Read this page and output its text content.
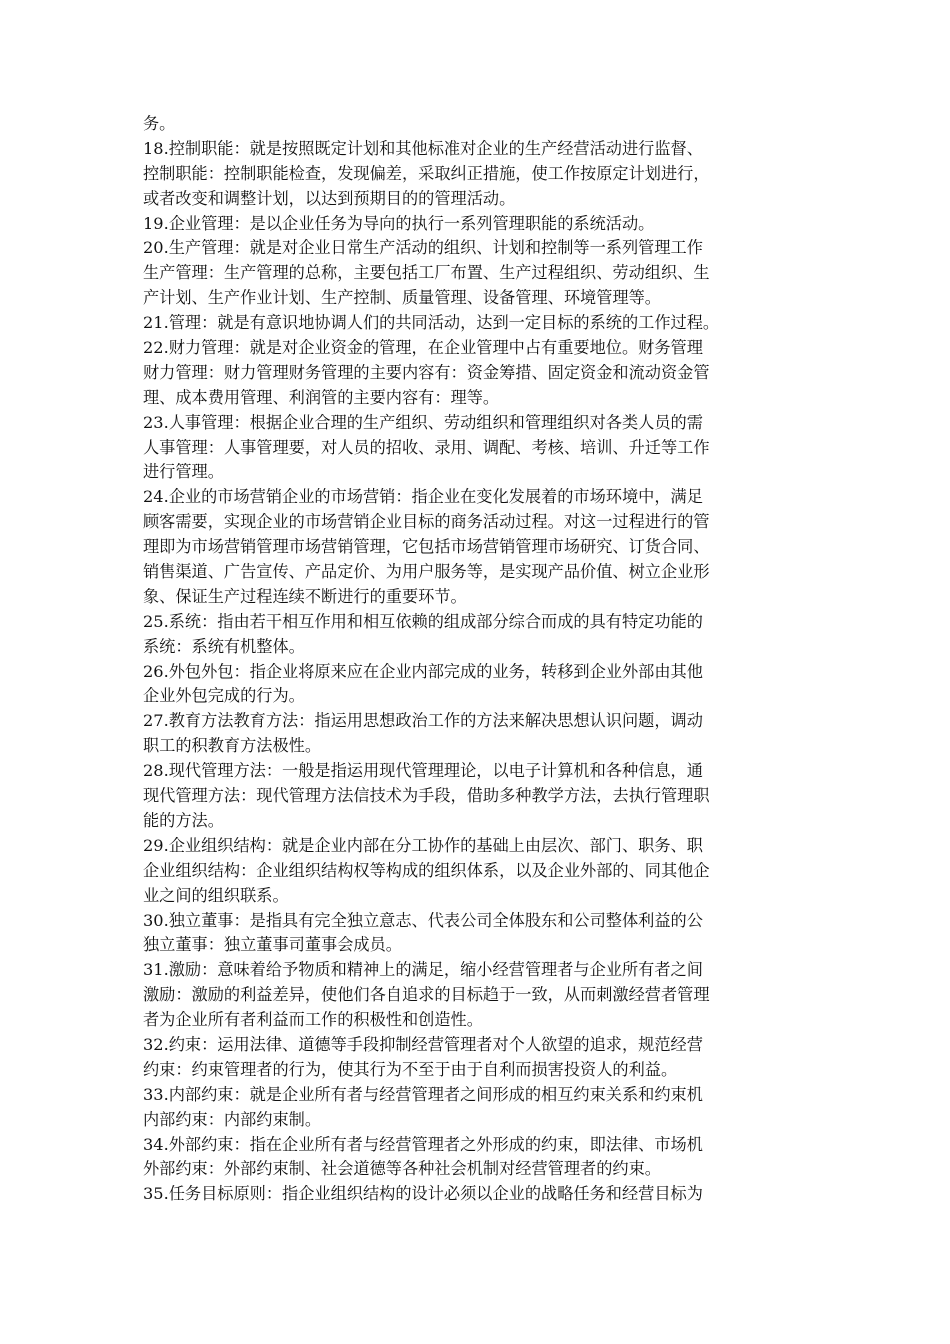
务。
18.控制职能：就是按照既定计划和其他标准对企业的生产经营活动进行监督、
控制职能：控制职能检查，发现偏差，采取纠正措施，使工作按原定计划进行，
或者改变和调整计划，以达到预期目的的管理活动。
19.企业管理：是以企业任务为导向的执行一系列管理职能的系统活动。
20.生产管理：就是对企业日常生产活动的组织、计划和控制等一系列管理工作
生产管理：生产管理的总称，主要包括工厂布置、生产过程组织、劳动组织、生
产计划、生产作业计划、生产控制、质量管理、设备管理、环境管理等。
21.管理：就是有意识地协调人们的共同活动，达到一定目标的系统的工作过程。
22.财力管理：就是对企业资金的管理，在企业管理中占有重要地位。财务管理
财力管理：财力管理财务管理的主要内容有：资金筹措、固定资金和流动资金管
理、成本费用管理、利润管的主要内容有：理等。
23.人事管理：根据企业合理的生产组织、劳动组织和管理组织对各类人员的需
人事管理：人事管理要，对人员的招收、录用、调配、考核、培训、升迁等工作
进行管理。
24.企业的市场营销企业的市场营销：指企业在变化发展着的市场环境中，满足
顾客需要，实现企业的市场营销企业目标的商务活动过程。对这一过程进行的管
理即为市场营销管理市场营销管理，它包括市场营销管理市场研究、订货合同、
销售渠道、广告宣传、产品定价、为用户服务等，是实现产品价值、树立企业形
象、保证生产过程连续不断进行的重要环节。
25.系统：指由若干相互作用和相互依赖的组成部分综合而成的具有特定功能的
系统：系统有机整体。
26.外包外包：指企业将原来应在企业内部完成的业务，转移到企业外部由其他
企业外包完成的行为。
27.教育方法教育方法：指运用思想政治工作的方法来解决思想认识问题，调动
职工的积教育方法极性。
28.现代管理方法：一般是指运用现代管理理论，以电子计算机和各种信息，通
现代管理方法：现代管理方法信技术为手段，借助多种教学方法，去执行管理职
能的方法。
29.企业组织结构：就是企业内部在分工协作的基础上由层次、部门、职务、职
企业组织结构：企业组织结构权等构成的组织体系，以及企业外部的、同其他企
业之间的组织联系。
30.独立董事：是指具有完全独立意志、代表公司全体股东和公司整体利益的公
独立董事：独立董事司董事会成员。
31.激励：意味着给予物质和精神上的满足，缩小经营管理者与企业所有者之间
激励：激励的利益差异，使他们各自追求的目标趋于一致，从而刺激经营者管理
者为企业所有者利益而工作的积极性和创造性。
32.约束：运用法律、道德等手段抑制经营管理者对个人欲望的追求，规范经营
约束：约束管理者的行为，使其行为不至于由于自利而损害投资人的利益。
33.内部约束：就是企业所有者与经营管理者之间形成的相互约束关系和约束机
内部约束：内部约束制。
34.外部约束：指在企业所有者与经营管理者之外形成的约束，即法律、市场机
外部约束：外部约束制、社会道德等各种社会机制对经营管理者的约束。
35.任务目标原则：指企业组织结构的设计必须以企业的战略任务和经营目标为
